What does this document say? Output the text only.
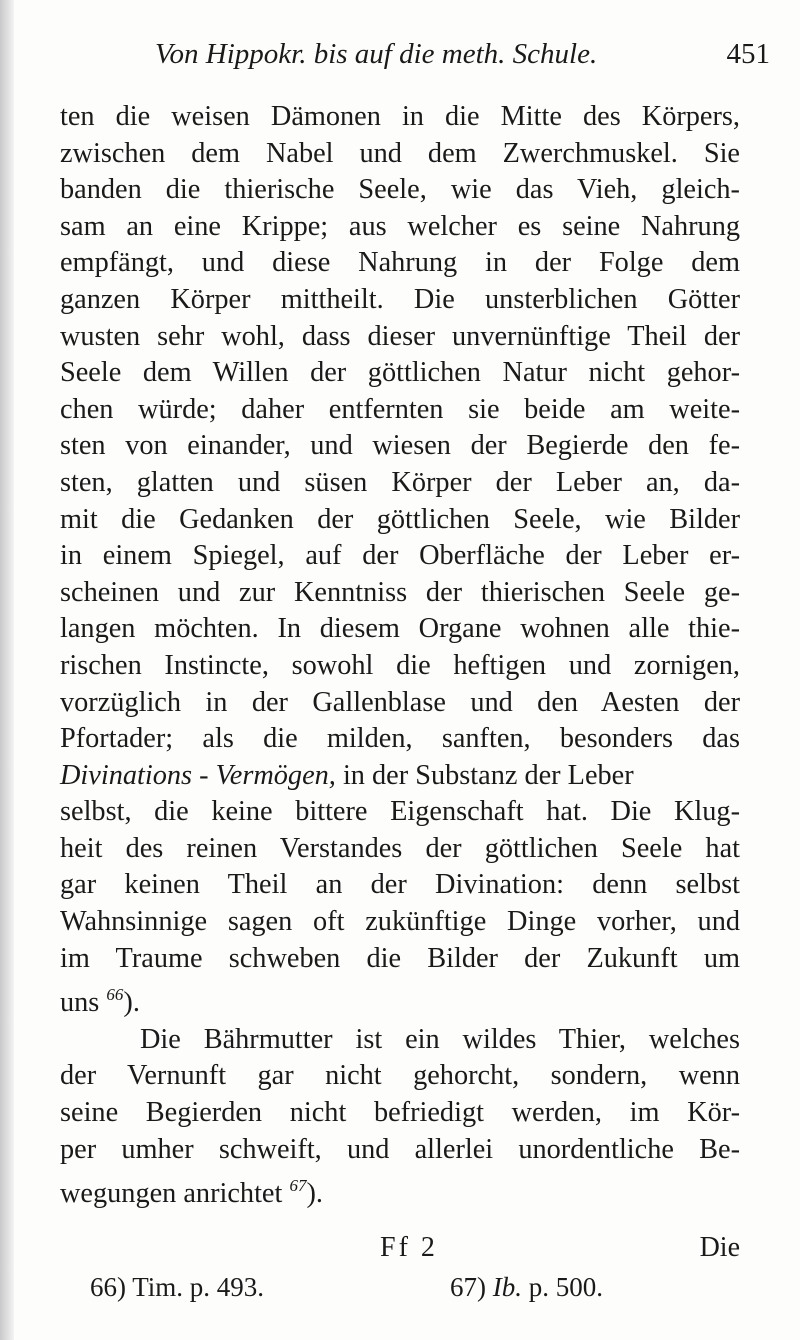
Von Hippokr. bis auf die meth. Schule.	451
ten die weisen Dämonen in die Mitte des Körpers,
zwischen dem Nabel und dem Zwerchmuskel. Sie
banden die thierische Seele, wie das Vieh, gleich-
sam an eine Krippe; aus welcher es seine Nahrung
empfängt, und diese Nahrung in der Folge dem
ganzen Körper mittheilt. Die unsterblichen Götter
wusten sehr wohl, dass dieser unvernünftige Theil der
Seele dem Willen der göttlichen Natur nicht gehor-
chen würde; daher entfernten sie beide am weite-
sten von einander, und wiesen der Begierde den fe-
sten, glatten und süsen Körper der Leber an, da-
mit die Gedanken der göttlichen Seele, wie Bilder
in einem Spiegel, auf der Oberfläche der Leber er-
scheinen und zur Kenntniss der thierischen Seele ge-
langen möchten. In diesem Organe wohnen alle thie-
rischen Instincte, sowohl die heftigen und zornigen,
vorzüglich in der Gallenblase und den Aesten der
Pfortader; als die milden, sanften, besonders das
Divinations - Vermögen, in der Substanz der Leber
selbst, die keine bittere Eigenschaft hat. Die Klug-
heit des reinen Verstandes der göttlichen Seele hat
gar keinen Theil an der Divination: denn selbst
Wahnsinnige sagen oft zukünftige Dinge vorher, und
im Traume schweben die Bilder der Zukunft um
uns $^{66}$).
Die Bährmutter ist ein wildes Thier, welches
der Vernunft gar nicht gehorcht, sondern, wenn
seine Begierden nicht befriedigt werden, im Kör-
per umher schweift, und allerlei unordentliche Be-
wegungen anrichtet $^{67}$).
Ff 2	Die
66) Tim. p. 493.	67) Ib. p. 500.
